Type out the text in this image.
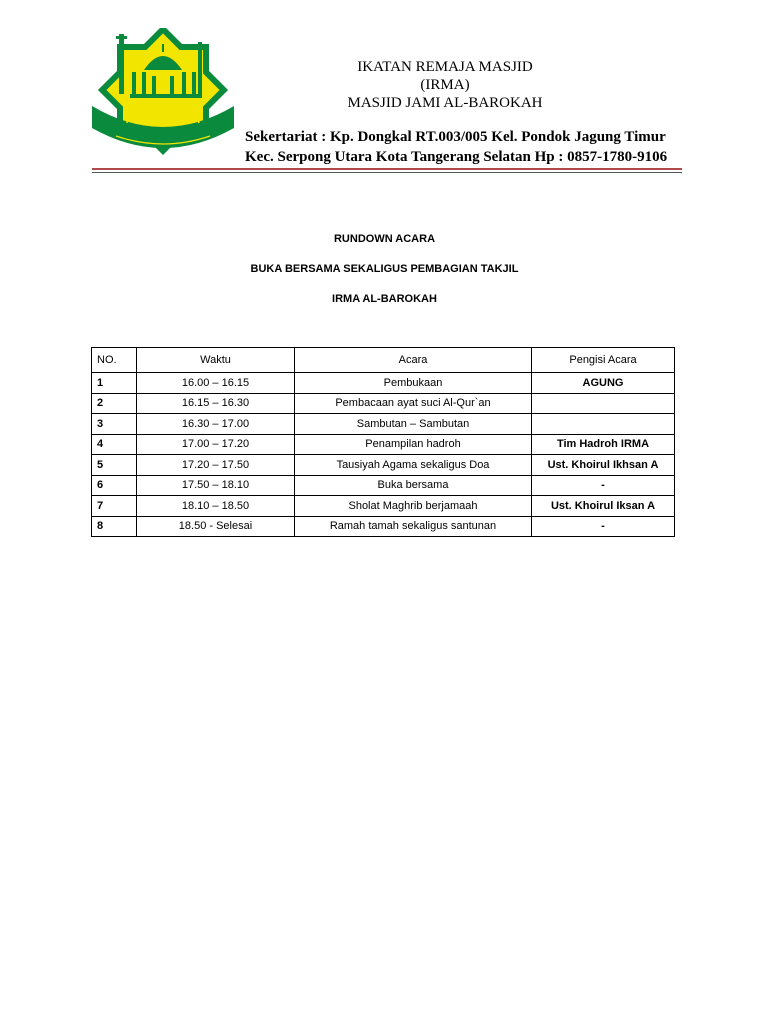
AL-BAROKAH
IKATAN REMAJA MASJID
(IRMA)
MASJID JAMI AL-BAROKAH
Sekertariat : Kp. Dongkal RT.003/005 Kel. Pondok Jagung Timur
Kec. Serpong Utara Kota Tangerang Selatan Hp : 0857-1780-9106
RUNDOWN ACARA
BUKA BERSAMA SEKALIGUS PEMBAGIAN TAKJIL
IRMA AL-BAROKAH
NO.	Waktu	Acara	Pengisi Acara
1	16.00 – 16.15	Pembukaan	AGUNG
2	16.15 – 16.30	Pembacaan ayat suci Al-Qur`an	
3	16.30 – 17.00	Sambutan – Sambutan	
4	17.00 – 17.20	Penampilan hadroh	Tim Hadroh IRMA
5	17.20 – 17.50	Tausiyah Agama sekaligus Doa	Ust. Khoirul Ikhsan A
6	17.50 – 18.10	Buka bersama	-
7	18.10 – 18.50	Sholat Maghrib berjamaah	Ust. Khoirul Iksan A
8	18.50 - Selesai	Ramah tamah sekaligus santunan	-
